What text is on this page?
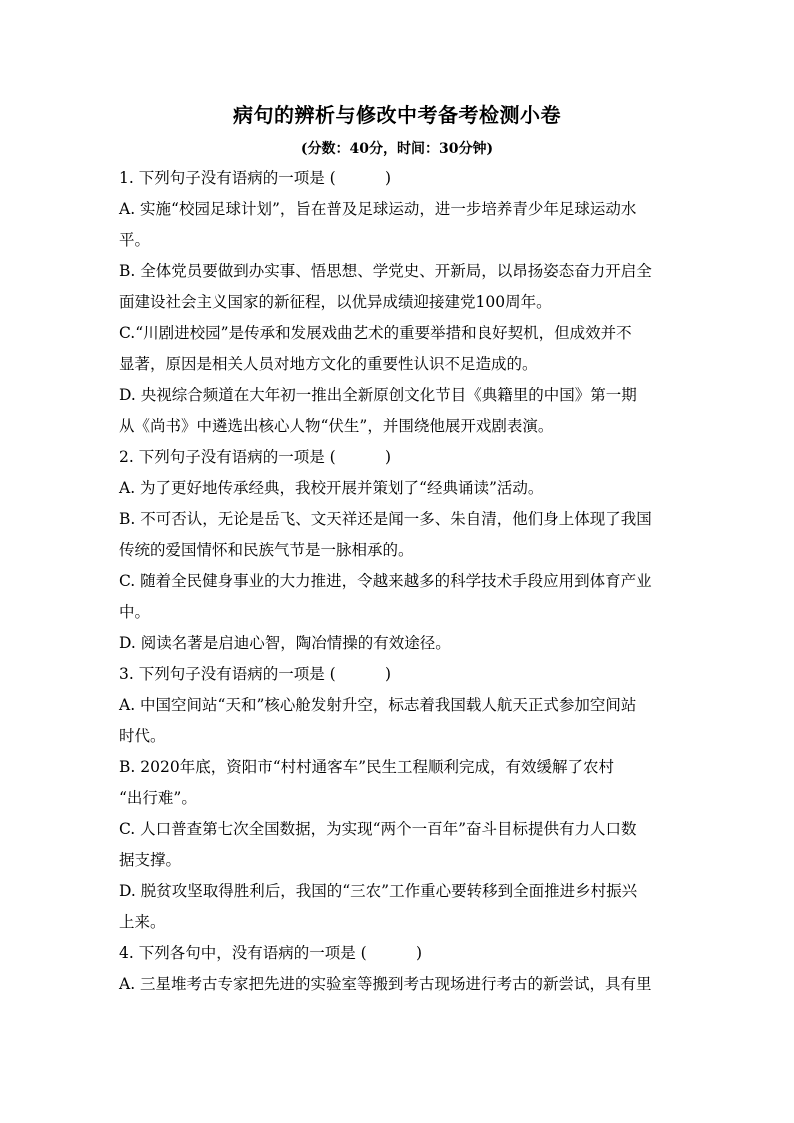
病句的辨析与修改中考备考检测小卷
(分数：40分，时间：30分钟)
1. 下列句子没有语病的一项是 (          )
A. 实施“校园足球计划”，旨在普及足球运动，进一步培养青少年足球运动水
平。
B. 全体党员要做到办实事、悟思想、学党史、开新局，以昂扬姿态奋力开启全
面建设社会主义国家的新征程，以优异成绩迎接建党100周年。
C.“川剧进校园”是传承和发展戏曲艺术的重要举措和良好契机，但成效并不
显著，原因是相关人员对地方文化的重要性认识不足造成的。
D. 央视综合频道在大年初一推出全新原创文化节目《典籍里的中国》第一期
从《尚书》中遴选出核心人物“伏生”，并围绕他展开戏剧表演。
2. 下列句子没有语病的一项是 (          )
A. 为了更好地传承经典，我校开展并策划了“经典诵读”活动。
B. 不可否认，无论是岳飞、文天祥还是闻一多、朱自清，他们身上体现了我国
传统的爱国情怀和民族气节是一脉相承的。
C. 随着全民健身事业的大力推进，令越来越多的科学技术手段应用到体育产业
中。
D. 阅读名著是启迪心智，陶冶情操的有效途径。
3. 下列句子没有语病的一项是 (          )
A. 中国空间站“天和”核心舱发射升空，标志着我国载人航天正式参加空间站
时代。
B. 2020年底，资阳市“村村通客车”民生工程顺利完成，有效缓解了农村
“出行难”。
C. 人口普查第七次全国数据，为实现“两个一百年”奋斗目标提供有力人口数
据支撑。
D. 脱贫攻坚取得胜利后，我国的“三农”工作重心要转移到全面推进乡村振兴
上来。
4. 下列各句中，没有语病的一项是 (          )
A. 三星堆考古专家把先进的实验室等搬到考古现场进行考古的新尝试，具有里
